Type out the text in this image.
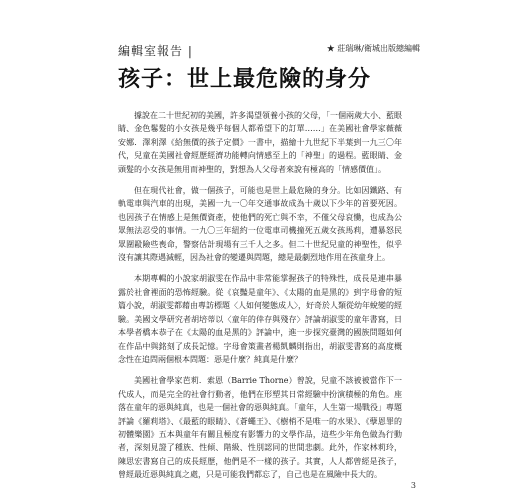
編輯室報告 |	★ 莊瑞琳/衛城出版總編輯
孩子：世上最危險的身分

據說在二十世紀初的美國，許多渴望領養小孩的父母，「一個兩歲大小、藍眼睛、金色鬈髮的小女孩是幾乎每個人都希望下的訂單……」在美國社會學家薇薇安娜．澤利澤《給無價的孩子定價》一書中，描繪十九世紀下半葉到一九三〇年代，兒童在美國社會經歷經濟功能轉向情感至上的「神聖」的過程。藍眼睛、金頭髮的小女孩是無用而神聖的，對想為人父母者來說有極高的「情感價值」。

但在現代社會，做一個孩子，可能也是世上最危險的身分。比如因鐵路、有軌電車與汽車的出現，美國一九一〇年交通事故成為十歲以下少年的首要死因。也因孩子在情感上是無價資產，使他們的死亡與不幸，不僅父母哀慟，也成為公眾無法忍受的事情。一九〇三年紐約一位電車司機撞死五歲女孩馬莉，遭暴怒民眾圍毆險些喪命，警察估計現場有三千人之多。但二十世紀兒童的神聖性，似乎沒有讓其際遇減輕，因為社會的變遷與問題，總是最劇烈地作用在孩童身上。

本期專輯的小說家胡淑雯在作品中非常能掌握孩子的特殊性，成長是連串暴露於社會裡面的恐怖經驗。從《哀豔是童年》、《太陽的血是黑的》到字母會的短篇小說，胡淑雯都藉由專訪標題〈人如何變態成人〉，好奇於人類從幼年蛻變的經驗。美國文學研究者胡培蒂以〈童年的倖存與殘存〉評論胡淑雯的童年書寫，日本學者橋本恭子在《太陽的血是黑的》評論中，進一步探究臺灣的國族問題如何在作品中與銘刻了成長記憶。字母會策畫者楊凱麟則指出，胡淑雯書寫的高度概念性在追問兩個根本問題：惡是什麼？純真是什麼？

美國社會學家芭莉．索恩（Barrie Thorne）曾說，兒童不該被被當作下一代成人，而是完全的社會行動者，他們在形塑其日常經驗中扮演積極的角色。座落在童年的惡與純真，也是一個社會的惡與純真。「童年，人生第一場戰役」專題評論《羅莉塔》、《最藍的眼睛》、《蒼蠅王》、《樹梢不是唯一的水果》、《孽恩罪的初體樂園》五本與童年有關且極度有影響力的文學作品，這些少年角色做為行動者，深刻見證了種族、性傾、階級、性別認同的世間悲劇。此外，作家林莉玲，陳思宏書寫自己的成長經歷，他們是不一樣的孩子。其實，人人都曾經是孩子，曾經最近惡與純真之處，只是可能我們都忘了，自己也是在風險中長大的。

3
